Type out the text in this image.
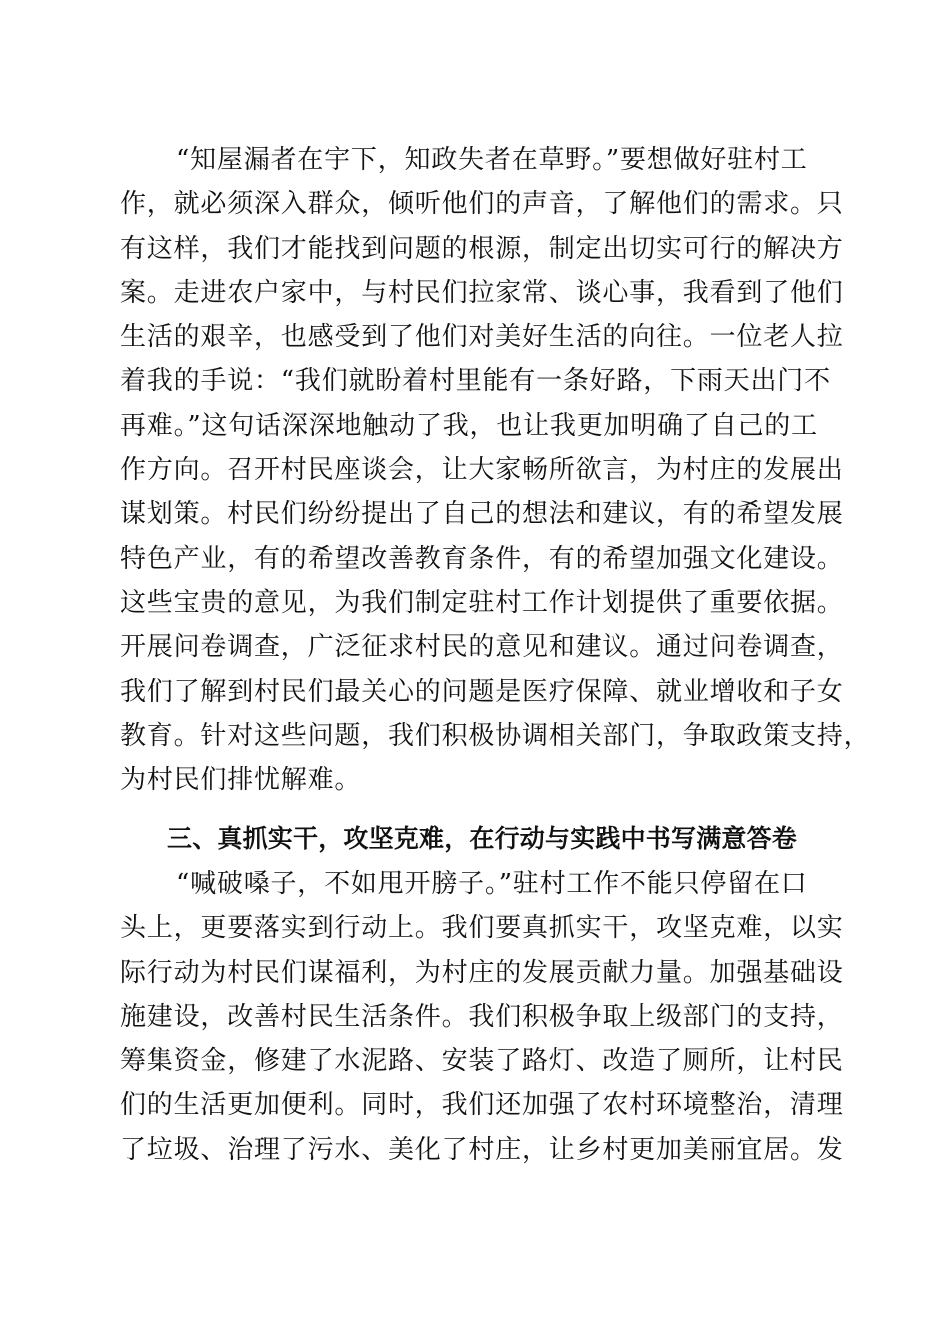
“知屋漏者在宇下，知政失者在草野。”要想做好驻村工
作，就必须深入群众，倾听他们的声音，了解他们的需求。只
有这样，我们才能找到问题的根源，制定出切实可行的解决方
案。走进农户家中，与村民们拉家常、谈心事，我看到了他们
生活的艰辛，也感受到了他们对美好生活的向往。一位老人拉
着我的手说：“我们就盼着村里能有一条好路，下雨天出门不
再难。”这句话深深地触动了我，也让我更加明确了自己的工
作方向。召开村民座谈会，让大家畅所欲言，为村庄的发展出
谋划策。村民们纷纷提出了自己的想法和建议，有的希望发展
特色产业，有的希望改善教育条件，有的希望加强文化建设。
这些宝贵的意见，为我们制定驻村工作计划提供了重要依据。
开展问卷调查，广泛征求村民的意见和建议。通过问卷调查，
我们了解到村民们最关心的问题是医疗保障、就业增收和子女
教育。针对这些问题，我们积极协调相关部门，争取政策支持，
为村民们排忧解难。
三、真抓实干，攻坚克难，在行动与实践中书写满意答卷
“喊破嗓子，不如甩开膀子。”驻村工作不能只停留在口
头上，更要落实到行动上。我们要真抓实干，攻坚克难，以实
际行动为村民们谋福利，为村庄的发展贡献力量。加强基础设
施建设，改善村民生活条件。我们积极争取上级部门的支持，
筹集资金，修建了水泥路、安装了路灯、改造了厕所，让村民
们的生活更加便利。同时，我们还加强了农村环境整治，清理
了垃圾、治理了污水、美化了村庄，让乡村更加美丽宜居。发
